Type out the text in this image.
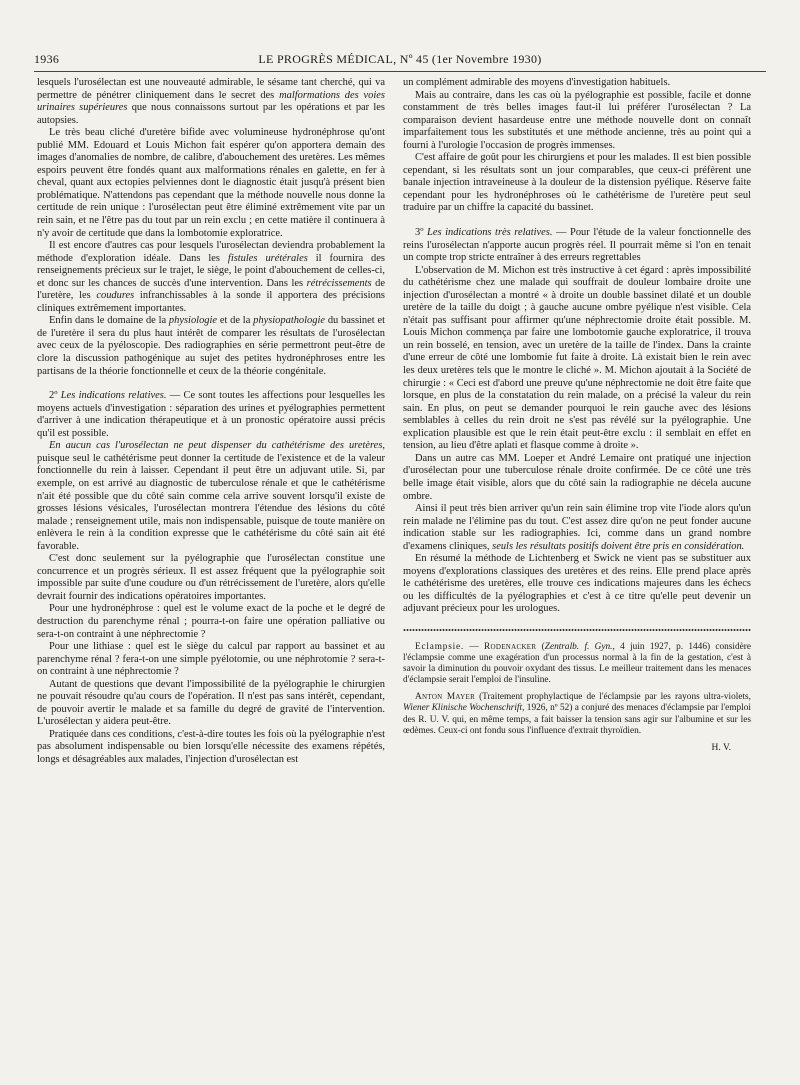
1936	LE PROGRÈS MÉDICAL, Nº 45 (1er Novembre 1930)

lesquels l'urosélectan est une nouveauté admirable, le sésame tant cherché, qui va permettre de pénétrer cliniquement dans le secret des malformations des voies urinaires supérieures que nous connaissons surtout par les opérations et par les autopsies.

Le très beau cliché d'uretère bifide avec volumineuse hydronéphrose qu'ont publié MM. Edouard et Louis Michon fait espérer qu'on apportera demain des images d'anomalies de nombre, de calibre, d'abouchement des uretères. Les mêmes espoirs peuvent être fondés quant aux malformations rénales en galette, en fer à cheval, quant aux ectopies pelviennes dont le diagnostic était jusqu'à présent bien problématique. N'attendons pas cependant que la méthode nouvelle nous donne la certitude de rein unique : l'urosélectan peut être éliminé extrêmement vite par un rein sain, et ne l'être pas du tout par un rein exclu ; en cette matière il continuera à n'y avoir de certitude que dans la lombotomie exploratrice.

Il est encore d'autres cas pour lesquels l'urosélectan deviendra probablement la méthode d'exploration idéale. Dans les fistules urétérales il fournira des renseignements précieux sur le trajet, le siège, le point d'abouchement de celles-ci, et donc sur les chances de succès d'une intervention. Dans les rétrécissements de l'uretère, les coudures infranchissables à la sonde il apportera des précisions cliniques extrêmement importantes.

Enfin dans le domaine de la physiologie et de la physiopathologie du bassinet et de l'uretère il sera du plus haut intérêt de comparer les résultats de l'urosélectan avec ceux de la pyéloscopie. Des radiographies en série permettront peut-être de clore la discussion pathogénique au sujet des petites hydronéphroses entre les partisans de la théorie fonctionnelle et ceux de la théorie congénitale.

2º Les indications relatives. — Ce sont toutes les affections pour lesquelles les moyens actuels d'investigation : séparation des urines et pyélographies permettent d'arriver à une indication thérapeutique et à un pronostic opératoire aussi précis qu'il est possible.

En aucun cas l'urosélectan ne peut dispenser du cathétérisme des uretères, puisque seul le cathétérisme peut donner la certitude de l'existence et de la valeur fonctionnelle du rein à laisser. Cependant il peut être un adjuvant utile. Si, par exemple, on est arrivé au diagnostic de tuberculose rénale et que le cathétérisme n'ait été possible que du côté sain comme cela arrive souvent lorsqu'il existe de grosses lésions vésicales, l'urosélectan montrera l'étendue des lésions du côté malade ; renseignement utile, mais non indispensable, puisque de toute manière on enlèvera le rein à la condition expresse que le cathétérisme du côté sain ait été favorable.

C'est donc seulement sur la pyélographie que l'urosélectan constitue une concurrence et un progrès sérieux. Il est assez fréquent que la pyélographie soit impossible par suite d'une coudure ou d'un rétrécissement de l'uretère, alors qu'elle devrait fournir des indications opératoires importantes.

Pour une hydronéphrose : quel est le volume exact de la poche et le degré de destruction du parenchyme rénal ; pourra-t-on faire une opération palliative ou sera-t-on contraint à une néphrectomie ?

Pour une lithiase : quel est le siège du calcul par rapport au bassinet et au parenchyme rénal ? fera-t-on une simple pyélotomie, ou une néphrotomie ? sera-t-on contraint à une néphrectomie ?

Autant de questions que devant l'impossibilité de la pyélographie le chirurgien ne pouvait résoudre qu'au cours de l'opération. Il n'est pas sans intérêt, cependant, de pouvoir avertir le malade et sa famille du degré de gravité de l'intervention. L'urosélectan y aidera peut-être.

Pratiquée dans ces conditions, c'est-à-dire toutes les fois où la pyélographie n'est pas absolument indispensable ou bien lorsqu'elle nécessite des examens répétés, longs et désagréables aux malades, l'injection d'urosélectan est

un complément admirable des moyens d'investigation habituels.

Mais au contraire, dans les cas où la pyélographie est possible, facile et donne constamment de très belles images faut-il lui préférer l'urosélectan ? La comparaison devient hasardeuse entre une méthode nouvelle dont on connaît imparfaitement tous les substitutés et une méthode ancienne, très au point qui a fourni à l'urologie l'occasion de progrès immenses.

C'est affaire de goût pour les chirurgiens et pour les malades. Il est bien possible cependant, si les résultats sont un jour comparables, que ceux-ci préfèrent une banale injection intraveineuse à la douleur de la distension pyélique. Réserve faite cependant pour les hydronéphroses où le cathétérisme de l'uretère peut seul traduire par un chiffre la capacité du bassinet.

3º Les indications très relatives. — Pour l'étude de la valeur fonctionnelle des reins l'urosélectan n'apporte aucun progrès réel. Il pourrait même si l'on en tenait un compte trop stricte entraîner à des erreurs regrettables

L'observation de M. Michon est très instructive à cet égard : après impossibilité du cathétérisme chez une malade qui souffrait de douleur lombaire droite une injection d'urosélectan a montré « à droite un double bassinet dilaté et un double uretère de la taille du doigt ; à gauche aucune ombre pyélique n'est visible. Cela n'était pas suffisant pour affirmer qu'une néphrectomie droite était possible. M. Louis Michon commença par faire une lombotomie gauche exploratrice, il trouva un rein bosselé, en tension, avec un uretère de la taille de l'index. Dans la crainte d'une erreur de côté une lombomie fut faite à droite. Là existait bien le rein avec les deux uretères tels que le montre le cliché ». M. Michon ajoutait à la Société de chirurgie : « Ceci est d'abord une preuve qu'une néphrectomie ne doit être faite que lorsque, en plus de la constatation du rein malade, on a précisé la valeur du rein sain. En plus, on peut se demander pourquoi le rein gauche avec des lésions semblables à celles du rein droit ne s'est pas révélé sur la pyélographie. Une explication plausible est que le rein était peut-être exclu : il semblait en effet en tension, au lieu d'être aplati et flasque comme à droite ».

Dans un autre cas MM. Loeper et André Lemaire ont pratiqué une injection d'urosélectan pour une tuberculose rénale droite confirmée. De ce côté une très belle image était visible, alors que du côté sain la radiographie ne décela aucune ombre.

Ainsi il peut très bien arriver qu'un rein sain élimine trop vite l'iode alors qu'un rein malade ne l'élimine pas du tout. C'est assez dire qu'on ne peut fonder aucune indication stable sur les radiographies. Ici, comme dans un grand nombre d'examens cliniques, seuls les résultats positifs doivent être pris en considération.

En résumé la méthode de Lichtenberg et Swick ne vient pas se substituer aux moyens d'explorations classiques des uretères et des reins. Elle prend place après le cathétérisme des uretères, elle trouve ces indications majeures dans les échecs ou les difficultés de la pyélographies et c'est à ce titre qu'elle peut devenir un adjuvant précieux pour les urologues.

Eclampsie. — Rodenacker (Zentralb. f. Gyn., 4 juin 1927, p. 1446) considère l'éclampsie comme une exagération d'un processus normal à la fin de la gestation, c'est à savoir la diminution du pouvoir oxydant des tissus. Le meilleur traitement dans les menaces d'éclampsie serait l'emploi de l'insuline.

Anton Mayer (Traitement prophylactique de l'éclampsie par les rayons ultra-violets, Wiener Klinische Wochenschrift, 1926, nº 52) a conjuré des menaces d'éclampsie par l'emploi des R. U. V. qui, en même temps, a fait baisser la tension sans agir sur l'albumine et sur les œdèmes. Ceux-ci ont fondu sous l'influence d'extrait thyroïdien.

H. V.
